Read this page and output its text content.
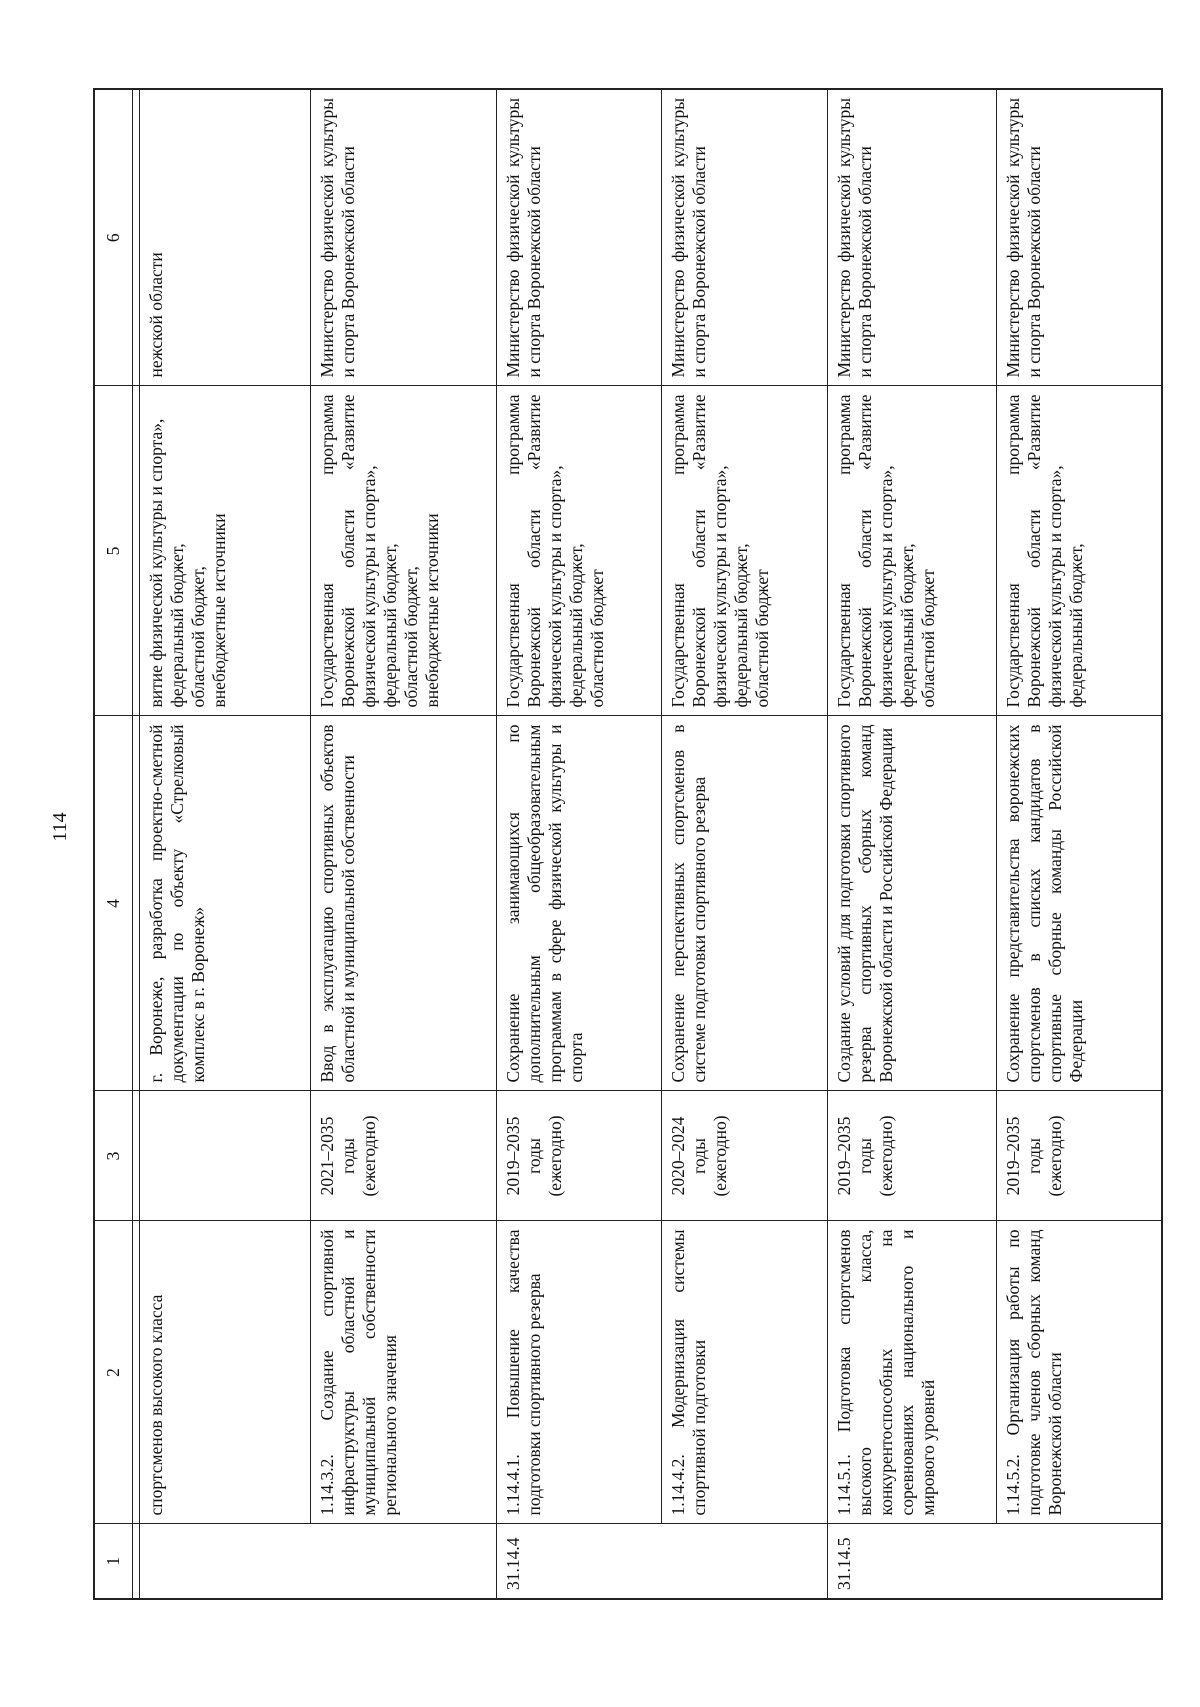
114
1	2	3	4	5	6

	спортсменов высокого класса		г. Воронеже, разработка проектно-сметной документации по объекту «Стрелковый комплекс в г. Воронеж»	витие физической культуры и спорта», федеральный бюджет, областной бюджет, внебюджетные источники	нежской области
	1.14.3.2. Создание спортивной инфраструктуры областной и муниципальной собственности регионального значения	2021–2035 годы (ежегодно)	Ввод в эксплуатацию спортивных объектов областной и муниципальной собственности	Государственная программа Воронежской области «Развитие физической культуры и спорта», федеральный бюджет, областной бюджет, внебюджетные источники	Министерство физической культуры и спорта Воронежской области
31.14.4	1.14.4.1. Повышение качества подготовки спортивного резерва	2019–2035 годы (ежегодно)	Сохранение занимающихся по дополнительным общеобразовательным программам в сфере физической культуры и спорта	Государственная программа Воронежской области «Развитие физической культуры и спорта», федеральный бюджет, областной бюджет	Министерство физической культуры и спорта Воронежской области
	1.14.4.2. Модернизация системы спортивной подготовки	2020–2024 годы (ежегодно)	Сохранение перспективных спортсменов в системе подготовки спортивного резерва	Государственная программа Воронежской области «Развитие физической культуры и спорта», федеральный бюджет, областной бюджет	Министерство физической культуры и спорта Воронежской области
31.14.5	1.14.5.1. Подготовка спортсменов высокого класса, конкурентоспособных на соревнованиях национального и мирового уровней	2019–2035 годы (ежегодно)	Создание условий для подготовки спортивного резерва спортивных сборных команд Воронежской области и Российской Федерации	Государственная программа Воронежской области «Развитие физической культуры и спорта», федеральный бюджет, областной бюджет	Министерство физической культуры и спорта Воронежской области
	1.14.5.2. Организация работы по подготовке членов сборных команд Воронежской области	2019–2035 годы (ежегодно)	Сохранение представительства воронежских спортсменов в списках кандидатов в спортивные сборные команды Российской Федерации	Государственная программа Воронежской области «Развитие физической культуры и спорта», федеральный бюджет,	Министерство физической культуры и спорта Воронежской области
